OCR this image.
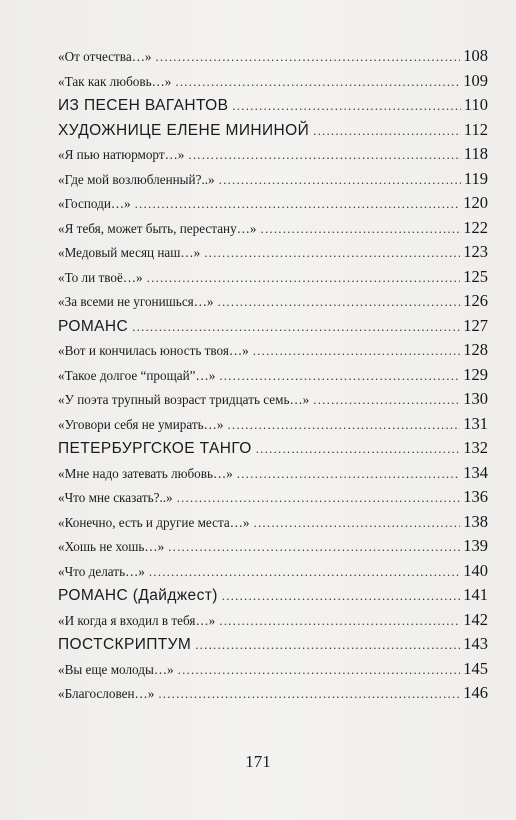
«От отчества…» .....	108
«Так как любовь…» .....	109
ИЗ ПЕСЕН ВАГАНТОВ .....	110
ХУДОЖНИЦЕ ЕЛЕНЕ МИНИНОЙ .....	112
«Я пью натюрморт…» .....	118
«Где мой возлюбленный?..» .....	119
«Господи…» .....	120
«Я тебя, может быть, перестану…» .....	122
«Медовый месяц наш…» .....	123
«То ли твоё…» .....	125
«За всеми не угонишься…» .....	126
РОМАНС .....	127
«Вот и кончилась юность твоя…» .....	128
«Такое долгое “прощай”…» .....	129
«У поэта трупный возраст тридцать семь…» .....	130
«Уговори себя не умирать…» .....	131
ПЕТЕРБУРГСКОЕ ТАНГО .....	132
«Мне надо затевать любовь…» .....	134
«Что мне сказать?..» .....	136
«Конечно, есть и другие места…» .....	138
«Хошь не хошь…» .....	139
«Что делать…» .....	140
РОМАНС (Дайджест) .....	141
«И когда я входил в тебя…» .....	142
ПОСТСКРИПТУМ .....	143
«Вы еще молоды…» .....	145
«Благословен…» .....	146
171
